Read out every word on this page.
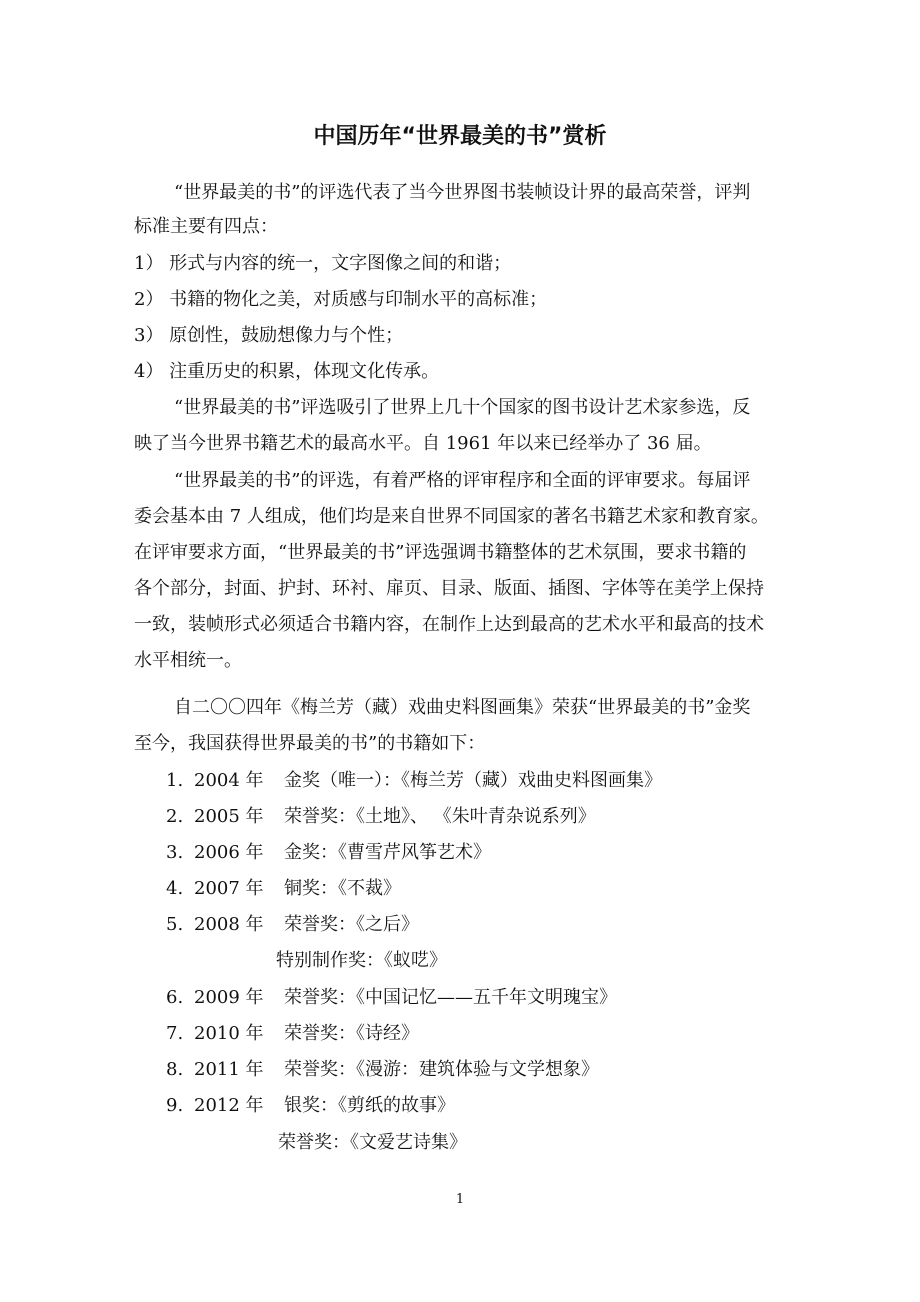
中国历年“世界最美的书”赏析
“世界最美的书”的评选代表了当今世界图书装帧设计界的最高荣誉，评判
标准主要有四点：
1） 形式与内容的统一，文字图像之间的和谐；
2） 书籍的物化之美，对质感与印制水平的高标准；
3） 原创性，鼓励想像力与个性；
4） 注重历史的积累，体现文化传承。
“世界最美的书”评选吸引了世界上几十个国家的图书设计艺术家参选，反
映了当今世界书籍艺术的最高水平。自 1961 年以来已经举办了 36 届。
“世界最美的书”的评选，有着严格的评审程序和全面的评审要求。每届评
委会基本由 7 人组成，他们均是来自世界不同国家的著名书籍艺术家和教育家。
在评审要求方面，“世界最美的书”评选强调书籍整体的艺术氛围，要求书籍的
各个部分，封面、护封、环衬、扉页、目录、版面、插图、字体等在美学上保持
一致，装帧形式必须适合书籍内容，在制作上达到最高的艺术水平和最高的技术
水平相统一。
自二〇〇四年《梅兰芳（藏）戏曲史料图画集》荣获“世界最美的书”金奖
至今，我国获得世界最美的书”的书籍如下：
1. 2004 年 金奖（唯一）：《梅兰芳（藏）戏曲史料图画集》
2. 2005 年 荣誉奖：《土地》、 《朱叶青杂说系列》
3. 2006 年 金奖：《曹雪芹风筝艺术》
4. 2007 年 铜奖：《不裁》
5. 2008 年 荣誉奖：《之后》
特别制作奖：《蚁呓》
6. 2009 年 荣誉奖：《中国记忆——五千年文明瑰宝》
7. 2010 年 荣誉奖：《诗经》
8. 2011 年 荣誉奖：《漫游：建筑体验与文学想象》
9. 2012 年 银奖：《剪纸的故事》
荣誉奖：《文爱艺诗集》
1
